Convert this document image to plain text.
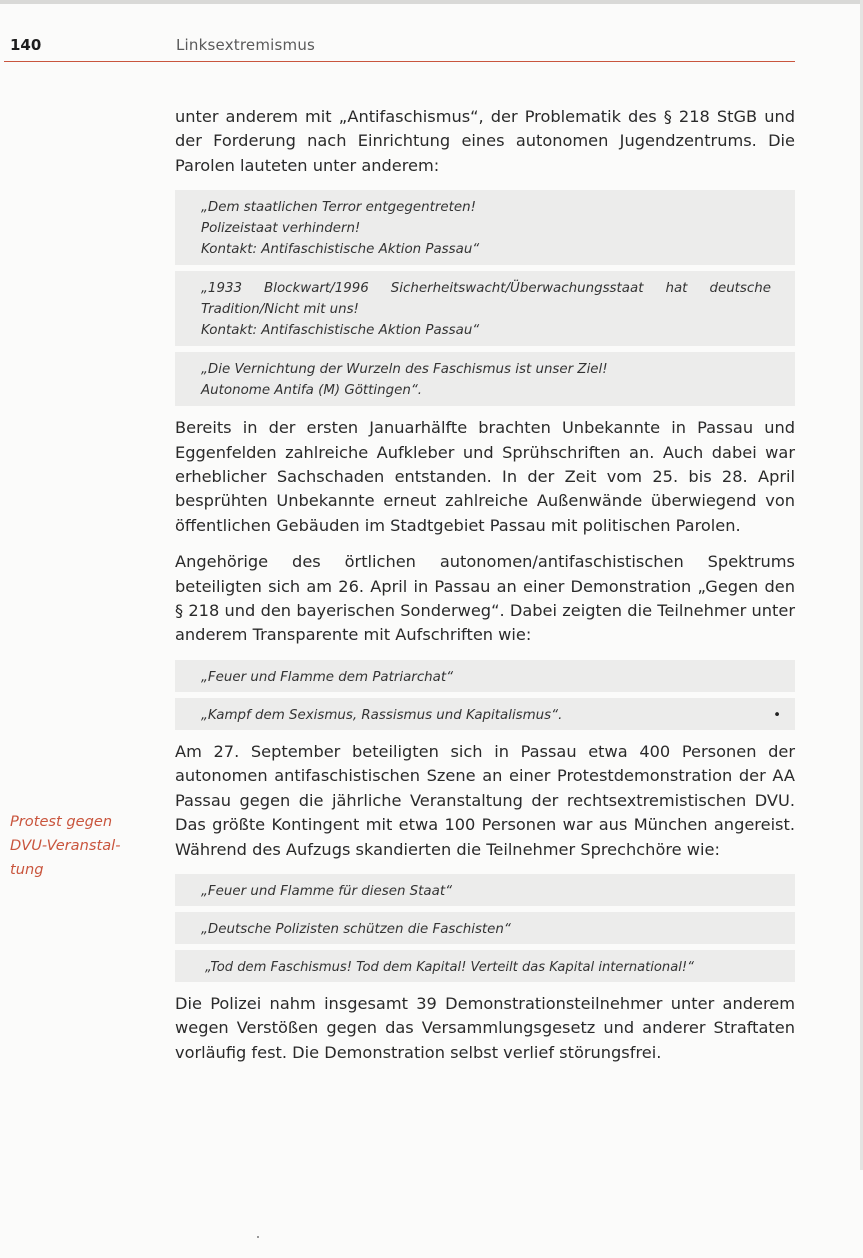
140	Linksextremismus
Protest gegen
DVU-Veranstal-
tung

unter anderem mit „Antifaschismus“, der Problematik des § 218 StGB und der Forderung nach Einrichtung eines autonomen Jugendzentrums. Die Parolen lauteten unter anderem:

„Dem staatlichen Terror entgegentreten!
Polizeistaat verhindern!
Kontakt: Antifaschistische Aktion Passau“
„1933 Blockwart/1996 Sicherheitswacht/Überwachungsstaat hat deutsche Tradition/Nicht mit uns!
Kontakt: Antifaschistische Aktion Passau“
„Die Vernichtung der Wurzeln des Faschismus ist unser Ziel!
Autonome Antifa (M) Göttingen“.

Bereits in der ersten Januarhälfte brachten Unbekannte in Passau und Eggenfelden zahlreiche Aufkleber und Sprühschriften an. Auch dabei war erheblicher Sachschaden entstanden. In der Zeit vom 25. bis 28. April besprühten Unbekannte erneut zahlreiche Außenwände überwiegend von öffentlichen Gebäuden im Stadtgebiet Passau mit politischen Parolen.

Angehörige des örtlichen autonomen/antifaschistischen Spektrums beteiligten sich am 26. April in Passau an einer Demonstration „Gegen den § 218 und den bayerischen Sonderweg“. Dabei zeigten die Teilnehmer unter anderem Transparente mit Aufschriften wie:

„Feuer und Flamme dem Patriarchat“
•
„Kampf dem Sexismus, Rassismus und Kapitalismus“.

Am 27. September beteiligten sich in Passau etwa 400 Personen der autonomen antifaschistischen Szene an einer Protestdemonstration der AA Passau gegen die jährliche Veranstaltung der rechtsextremistischen DVU. Das größte Kontingent mit etwa 100 Personen war aus München angereist. Während des Aufzugs skandierten die Teilnehmer Sprechchöre wie:

„Feuer und Flamme für diesen Staat“
„Deutsche Polizisten schützen die Faschisten“
„Tod dem Faschismus! Tod dem Kapital! Verteilt das Kapital international!“

Die Polizei nahm insgesamt 39 Demonstrationsteilnehmer unter anderem wegen Verstößen gegen das Versammlungsgesetz und anderer Straftaten vorläufig fest. Die Demonstration selbst verlief störungsfrei.
